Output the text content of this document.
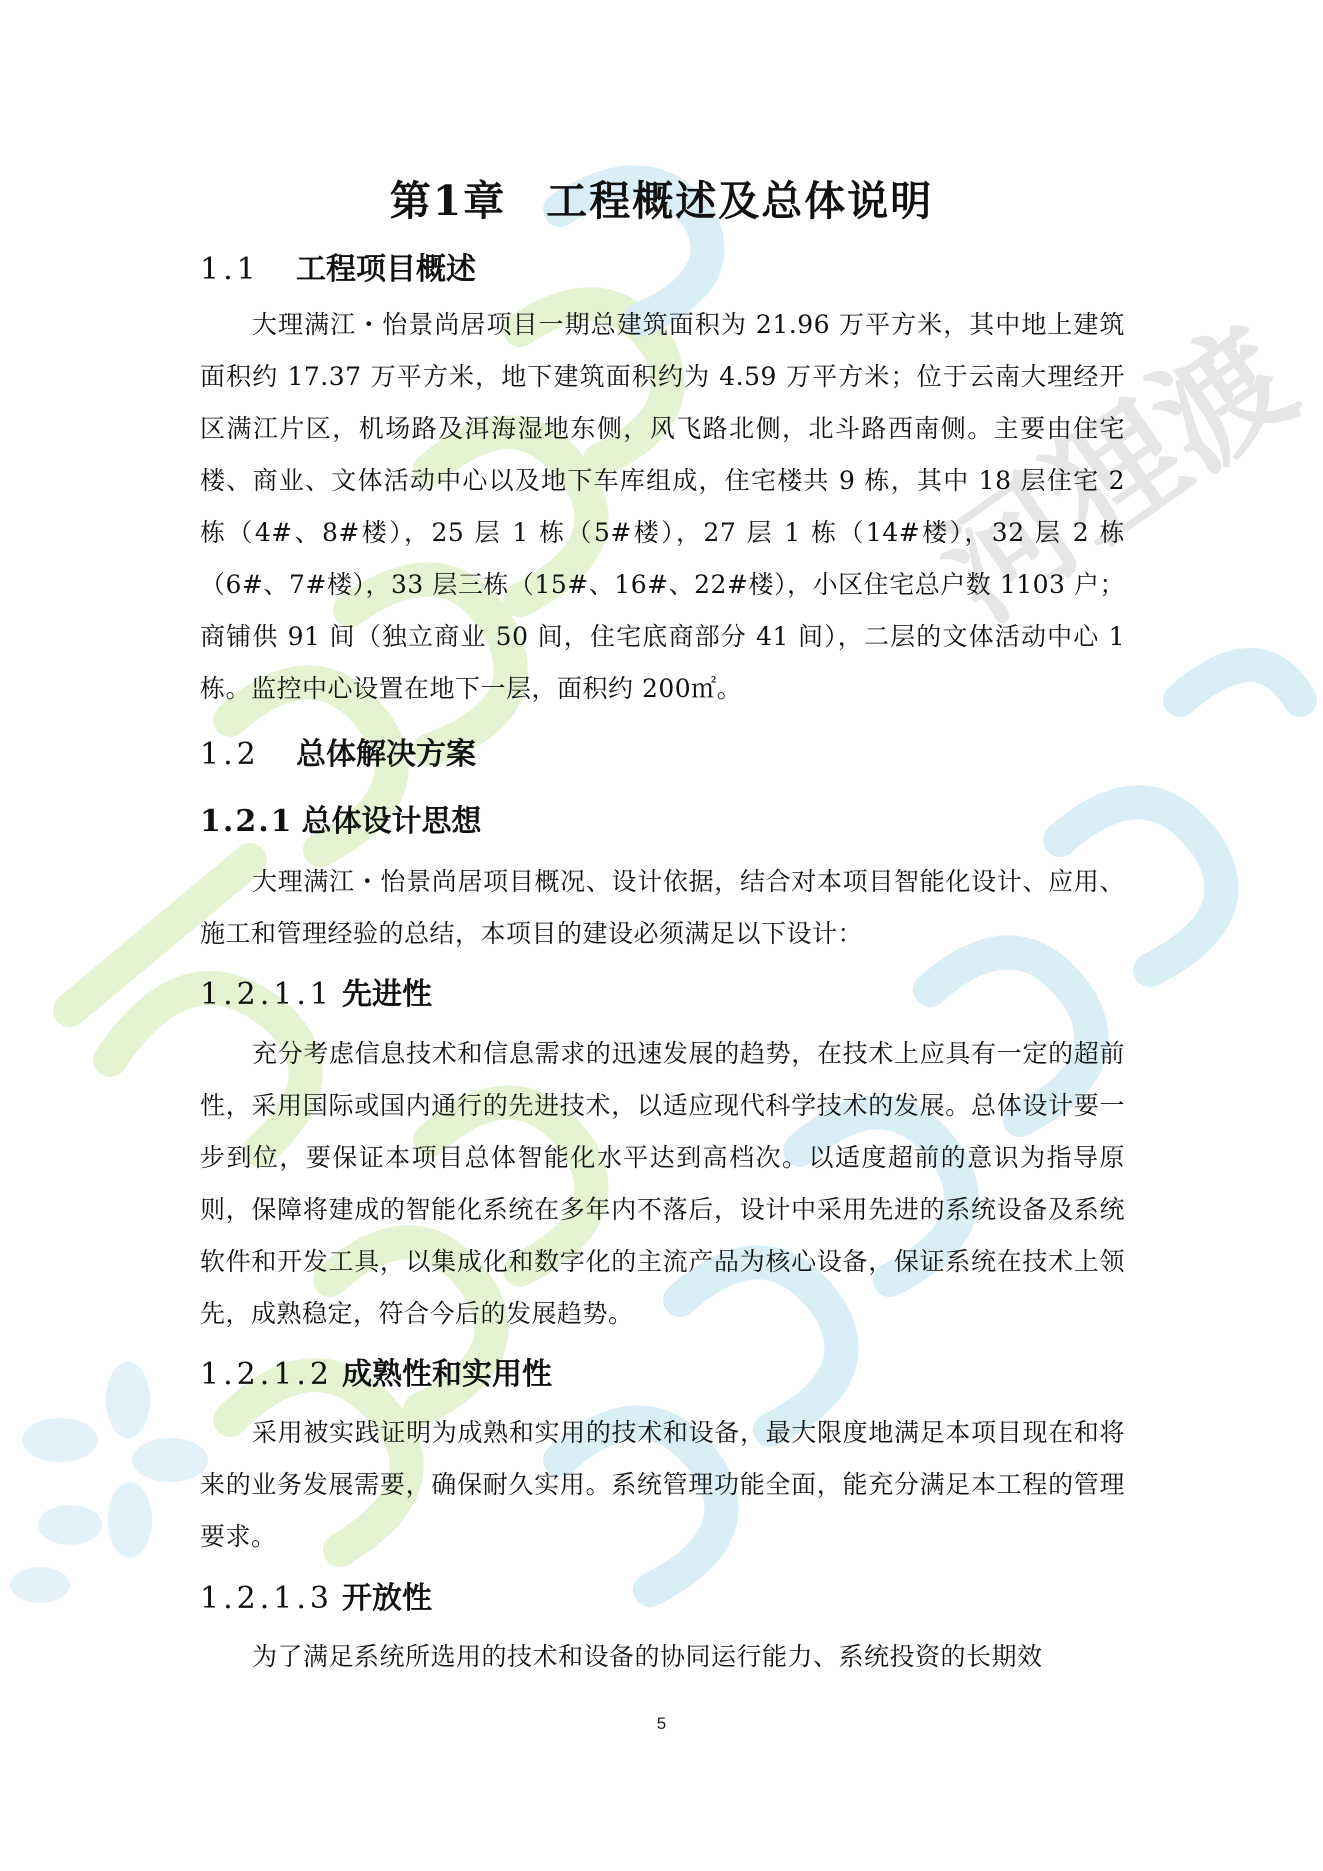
河狸渡
第1章 工程概述及总体说明
1.1 工程项目概述
大理满江・怡景尚居项目一期总建筑面积为 21.96 万平方米，其中地上建筑面积约 17.37 万平方米，地下建筑面积约为 4.59 万平方米；位于云南大理经开区满江片区，机场路及洱海湿地东侧，风飞路北侧，北斗路西南侧。主要由住宅楼、商业、文体活动中心以及地下车库组成，住宅楼共 9 栋，其中 18 层住宅 2 栋（4#、8#楼），25 层 1 栋（5#楼），27 层 1 栋（14#楼），32 层 2 栋（6#、7#楼），33 层三栋（15#、16#、22#楼），小区住宅总户数 1103 户；商铺供 91 间（独立商业 50 间，住宅底商部分 41 间），二层的文体活动中心 1 栋。监控中心设置在地下一层，面积约 200㎡。
1.2 总体解决方案
1.2.1 总体设计思想
大理满江・怡景尚居项目概况、设计依据，结合对本项目智能化设计、应用、施工和管理经验的总结，本项目的建设必须满足以下设计：
1.2.1.1 先进性
充分考虑信息技术和信息需求的迅速发展的趋势，在技术上应具有一定的超前性，采用国际或国内通行的先进技术，以适应现代科学技术的发展。总体设计要一步到位，要保证本项目总体智能化水平达到高档次。以适度超前的意识为指导原则，保障将建成的智能化系统在多年内不落后，设计中采用先进的系统设备及系统软件和开发工具，以集成化和数字化的主流产品为核心设备，保证系统在技术上领先，成熟稳定，符合今后的发展趋势。
1.2.1.2 成熟性和实用性
采用被实践证明为成熟和实用的技术和设备，最大限度地满足本项目现在和将来的业务发展需要，确保耐久实用。系统管理功能全面，能充分满足本工程的管理要求。
1.2.1.3 开放性
为了满足系统所选用的技术和设备的协同运行能力、系统投资的长期效
5
